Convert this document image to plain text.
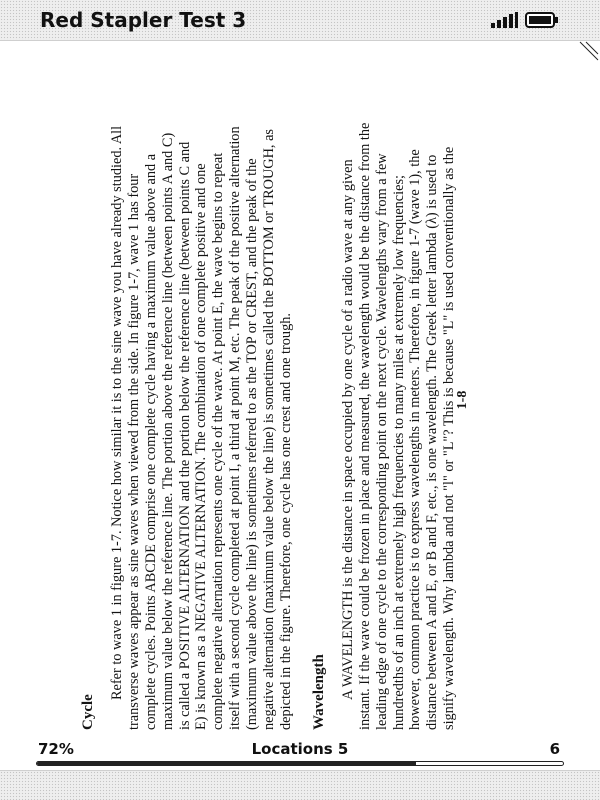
Red Stapler Test 3
Cycle

Refer to wave 1 in figure 1-7. Notice how similar it is to the sine wave you have already studied. All transverse waves appear as sine waves when viewed from the side. In figure 1-7, wave 1 has four complete cycles. Points ABCDE comprise one complete cycle having a maximum value above and a maximum value below the reference line. The portion above the reference line (between points A and C) is called a POSITIVE ALTERNATION and the portion below the reference line (between points C and E) is known as a NEGATIVE ALTERNATION. The combination of one complete positive and one complete negative alternation represents one cycle of the wave. At point E, the wave begins to repeat itself with a second cycle completed at point I, a third at point M, etc. The peak of the positive alternation (maximum value above the line) is sometimes referred to as the TOP or CREST, and the peak of the negative alternation (maximum value below the line) is sometimes called the BOTTOM or TROUGH, as depicted in the figure. Therefore, one cycle has one crest and one trough. Wavelength A WAVELENGTH is the distance in space occupied by one cycle of a radio wave at any given instant. If the wave could be frozen in place and measured, the wavelength would be the distance from the leading edge of one cycle to the corresponding point on the next cycle. Wavelengths vary from a few hundredths of an inch at extremely high frequencies to many miles at extremely low frequencies; however, common practice is to express wavelengths in meters. Therefore, in figure 1-7 (wave 1), the distance between A and E, or B and F, etc., is one wavelength. The Greek letter lambda (λ) is used to signify wavelength. Why lambda and not "l" or "L"? This is because "L" is used conventionally as the

1-8
72%	Locations 5	6
